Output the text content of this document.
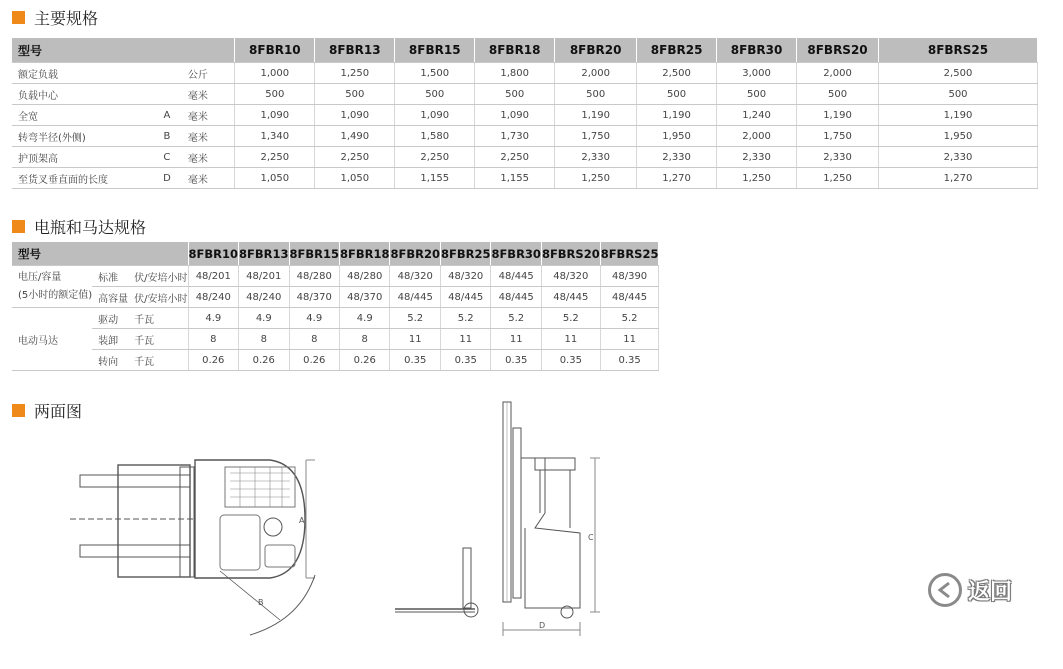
主要规格
型号			8FBR10	8FBR13	8FBR15	8FBR18	8FBR20	8FBR25	8FBR30	8FBRS20	8FBRS25
额定负载		公斤	1,000	1,250	1,500	1,800	2,000	2,500	3,000	2,000	2,500
负载中心		毫米	500	500	500	500	500	500	500	500	500
全宽	A	毫米	1,090	1,090	1,090	1,090	1,190	1,190	1,240	1,190	1,190
转弯半径(外侧)	B	毫米	1,340	1,490	1,580	1,730	1,750	1,950	2,000	1,750	1,950
护顶架高	C	毫米	2,250	2,250	2,250	2,250	2,330	2,330	2,330	2,330	2,330
至货叉垂直面的长度	D	毫米	1,050	1,050	1,155	1,155	1,250	1,270	1,250	1,250	1,270
电瓶和马达规格
型号			8FBR10	8FBR13	8FBR15	8FBR18	8FBR20	8FBR25	8FBR30	8FBRS20	8FBRS25

电压/容量
(5小时的额定值)	标准	伏/安培小时	48/201	48/201	48/280	48/280	48/320	48/320	48/445	48/320	48/390
	高容量	伏/安培小时	48/240	48/240	48/370	48/370	48/445	48/445	48/445	48/445	48/445
电动马达	驱动	千瓦	4.9	4.9	4.9	4.9	5.2	5.2	5.2	5.2	5.2
	装卸	千瓦	8	8	8	8	11	11	11	11	11
	转向	千瓦	0.26	0.26	0.26	0.26	0.35	0.35	0.35	0.35	0.35
两面图
A
B
C
D
返回
